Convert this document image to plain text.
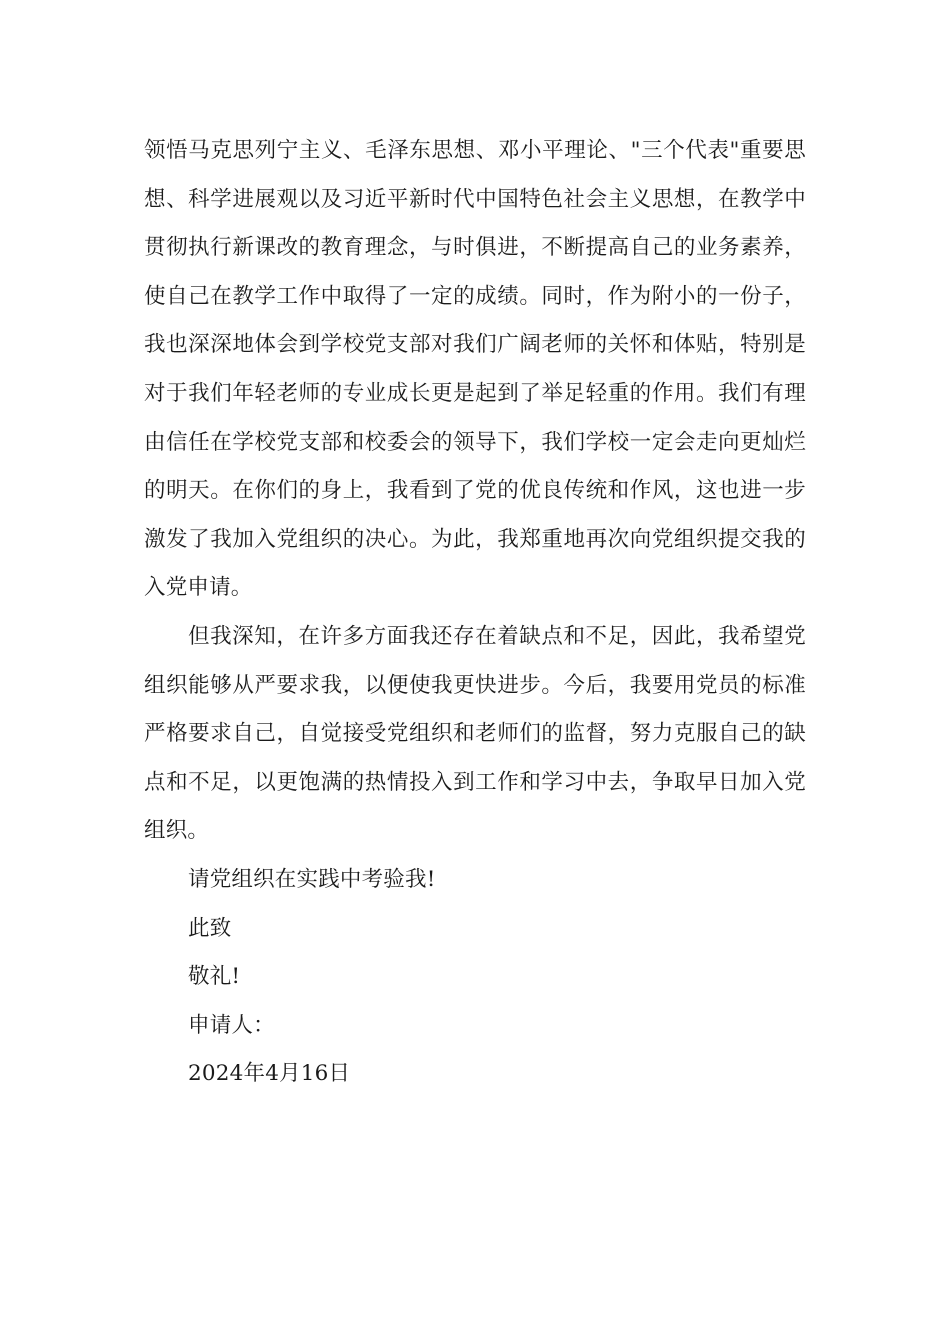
领悟马克思列宁主义、毛泽东思想、邓小平理论、"三个代表"重要思想、科学进展观以及习近平新时代中国特色社会主义思想，在教学中贯彻执行新课改的教育理念，与时俱进，不断提高自己的业务素养，使自己在教学工作中取得了一定的成绩。同时，作为附小的一份子，我也深深地体会到学校党支部对我们广阔老师的关怀和体贴，特别是对于我们年轻老师的专业成长更是起到了举足轻重的作用。我们有理由信任在学校党支部和校委会的领导下，我们学校一定会走向更灿烂的明天。在你们的身上，我看到了党的优良传统和作风，这也进一步激发了我加入党组织的决心。为此，我郑重地再次向党组织提交我的入党申请。

但我深知，在许多方面我还存在着缺点和不足，因此，我希望党组织能够从严要求我，以便使我更快进步。今后，我要用党员的标准严格要求自己，自觉接受党组织和老师们的监督，努力克服自己的缺点和不足，以更饱满的热情投入到工作和学习中去，争取早日加入党组织。

请党组织在实践中考验我!

此致

敬礼!

申请人：

2024年4月16日
